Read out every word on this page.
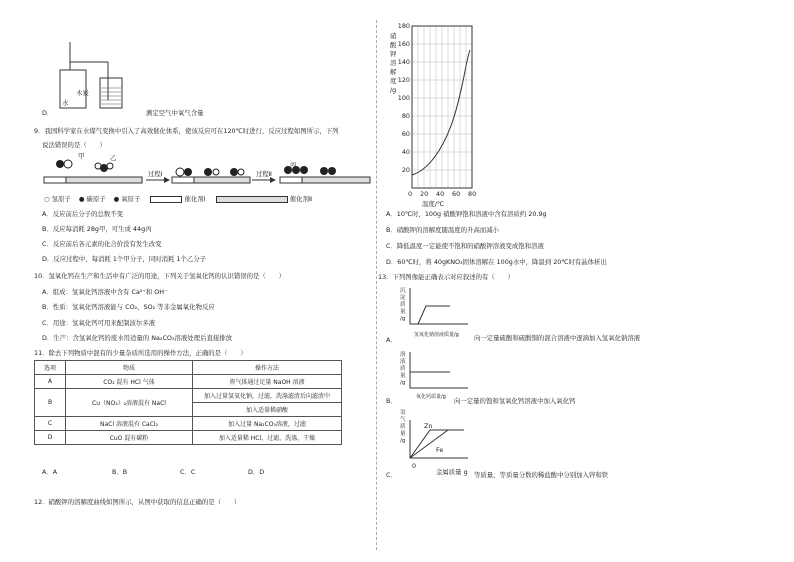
木炭
水
D．	测定空气中氧气含量
9．我国科学家在水煤气变换中引入了高效催化体系，使该反应可在120℃时进行，反应过程如图所示，下列
说法错误的是（　　）
甲	乙
丙
过程Ⅰ	过程Ⅱ
○ 氢原子 ● 碳原子 ● 氧原子	催化剂Ⅰ	催化剂Ⅱ
A．反应前后分子的总数不变
B．反应每消耗 28g甲，可生成 44g丙
C．反应前后各元素的化合价没有发生改变
D．反应过程中，每消耗 1个甲分子，同时消耗 1个乙分子
10．氢氧化钙在生产和生活中有广泛的用途，下列关于氢氧化钙的认识错误的是（　　）
A．组成：氢氧化钙溶液中含有 Ca²⁺和 OH⁻
B．性质：氢氧化钙溶液能与 CO₂、SO₂ 等非金属氧化物反应
C．用途：氢氧化钙可用来配制波尔多液
D．生产：含氢氧化钙的废水用适量的 Na₂CO₃溶液处理后直接排放
11．除去下列物质中混有的少量杂质所选用的操作方法，正确的是（　　）
选项	物质	操作方法
A	CO₂ 混有 HCl 气体	将气体通过足量 NaOH 溶液
B	Cu（NO₃）₂溶液混有 NaCl	加入过量氢氧化钠，过滤，洗涤滤渣后向滤渣中
		加入适量稀硝酸
C	NaCl 溶液混有 CaCl₂	加入过量 Na₂CO₃溶液，过滤
D	CuO 混有碳粉	加入适量稀 HCl，过滤，洗涤，干燥
A．A	B．B	C．C	D．D
12．硝酸钾的溶解度曲线如图所示，从图中获取的信息正确的是（　　）
硝
酸
钾
溶
解
度
/g
180
160
140
120
100
80
60
40
20
0 20 40 60 80
温度/℃
A．10℃时，100g 硝酸钾饱和溶液中含有溶质约 20.9g
B．硝酸钾的溶解度随温度的升高而减小
C．降低温度一定能使不饱和的硝酸钾溶液变成饱和溶液
D．60℃时，将 40gKNO₃固体溶解在 100g水中，降温到 20℃时有晶体析出
13．下列图像能正确表示对应叙述的有（　　）
沉
淀
质
量
/g
氢氧化钠溶液质量/g
A．	向一定量硫酸和硫酸铜的混合溶液中逐滴加入氢氧化钠溶液
溶
液
质
量
/g
氧化钙质量/g
B．	向一定量的饱和氢氧化钙溶液中加入氧化钙
氢
气
质
量
/g
Zn
Fe
0
金属质量 g
C．	等质量、等质量分数的稀盐酸中分别加入锌和铁
